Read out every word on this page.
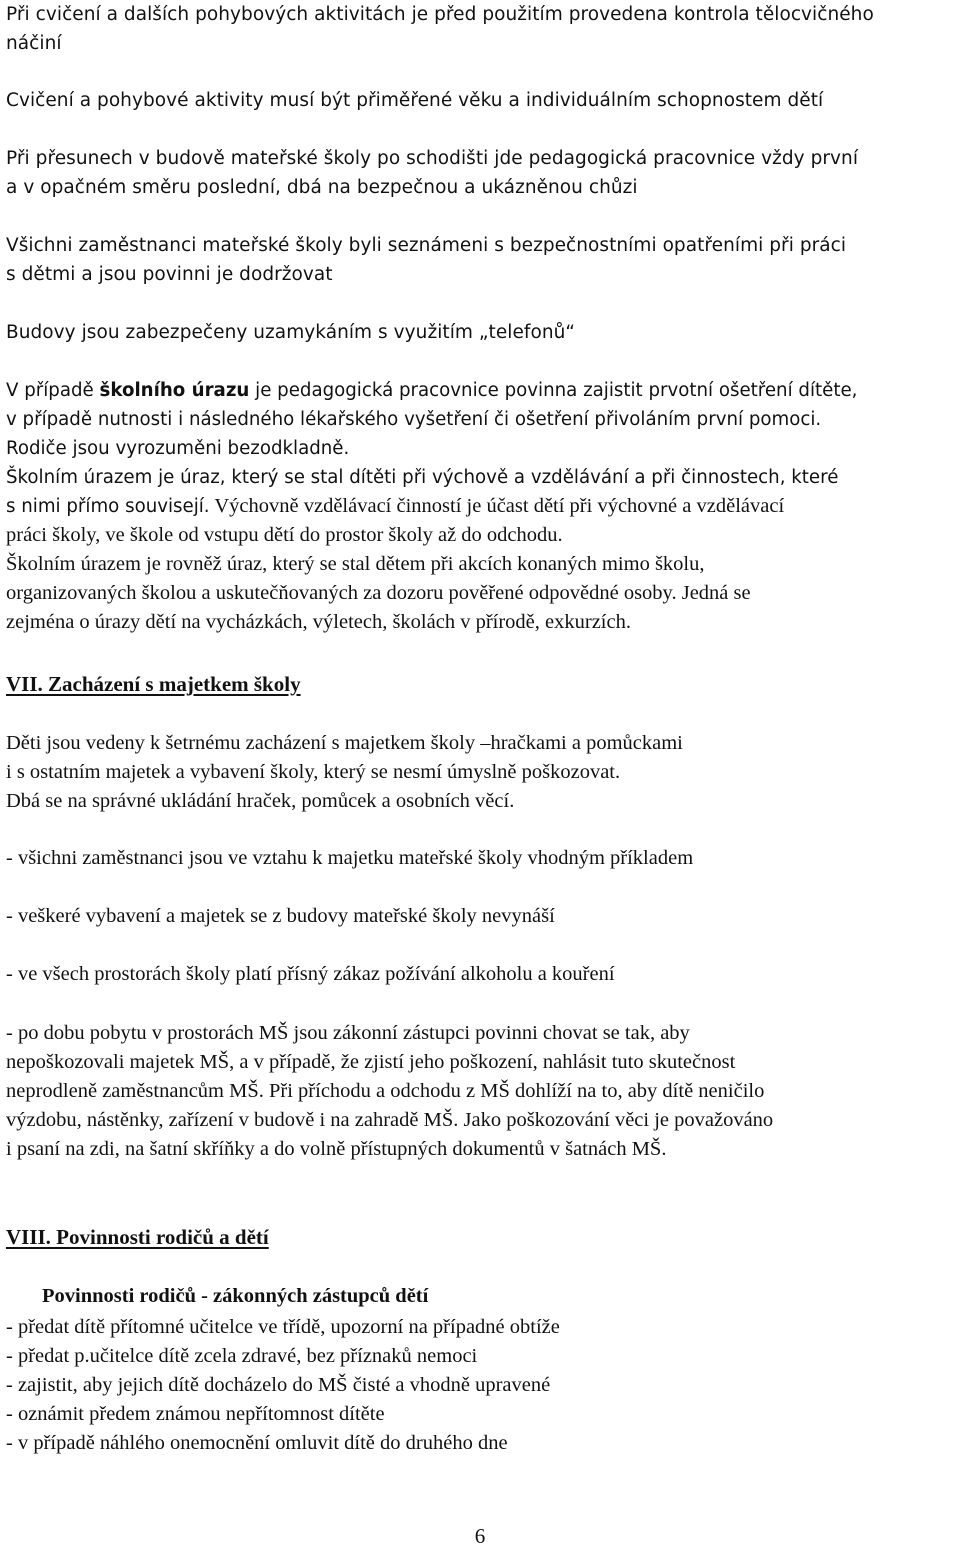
Při cvičení a dalších pohybových aktivitách je před použitím provedena kontrola tělocvičného

náčiní

Cvičení a pohybové aktivity musí být přiměřené věku a individuálním schopnostem dětí

Při přesunech v budově mateřské školy po schodišti jde pedagogická pracovnice vždy první

a v opačném směru poslední, dbá na bezpečnou a ukázněnou chůzi

Všichni zaměstnanci mateřské školy byli seznámeni s bezpečnostními opatřeními při práci

s dětmi a jsou povinni je dodržovat

Budovy jsou zabezpečeny uzamykáním s využitím „telefonů“

V případě školního úrazu je pedagogická pracovnice povinna zajistit prvotní ošetření dítěte,

v případě nutnosti i následného lékařského vyšetření či ošetření přivoláním první pomoci.

Rodiče jsou vyrozuměni bezodkladně.

Školním úrazem je úraz, který se stal dítěti při výchově a vzdělávání a při činnostech, které

s nimi přímo souvisejí. Výchovně vzdělávací činností je účast dětí při výchovné a vzdělávací

práci školy, ve škole od vstupu dětí do prostor školy až do odchodu.

Školním úrazem je rovněž úraz, který se stal dětem při akcích konaných mimo školu,

organizovaných školou a uskutečňovaných za dozoru pověřené odpovědné osoby. Jedná se

zejména o úrazy dětí na vycházkách, výletech, školách v přírodě, exkurzích.

VII. Zacházení s majetkem školy

Děti jsou vedeny k šetrnému zacházení s majetkem školy –hračkami a pomůckami

i s ostatním majetek a vybavení školy, který se nesmí úmyslně poškozovat.

Dbá se na správné ukládání hraček, pomůcek a osobních věcí.

- všichni zaměstnanci jsou ve vztahu k majetku mateřské školy vhodným příkladem
- veškeré vybavení a majetek se z budovy mateřské školy nevynáší
- ve všech prostorách školy platí přísný zákaz požívání alkoholu a kouření

- po dobu pobytu v prostorách MŠ jsou zákonní zástupci povinni chovat se tak, aby

nepoškozovali majetek MŠ, a v případě, že zjistí jeho poškození, nahlásit tuto skutečnost

neprodleně zaměstnancům MŠ. Při příchodu a odchodu z MŠ dohlíží na to, aby dítě neničilo

výzdobu, nástěnky, zařízení v budově i na zahradě MŠ. Jako poškozování věci je považováno

i psaní na zdi, na šatní skříňky a do volně přístupných dokumentů v šatnách MŠ.

VIII. Povinnosti rodičů a dětí
Povinnosti rodičů - zákonných zástupců dětí

- předat dítě přítomné učitelce ve třídě, upozorní na případné obtíže

- předat p.učitelce dítě zcela zdravé, bez příznaků nemoci

- zajistit, aby jejich dítě docházelo do MŠ čisté a vhodně upravené

- oznámit předem známou nepřítomnost dítěte

- v případě náhlého onemocnění omluvit dítě do druhého dne

6
